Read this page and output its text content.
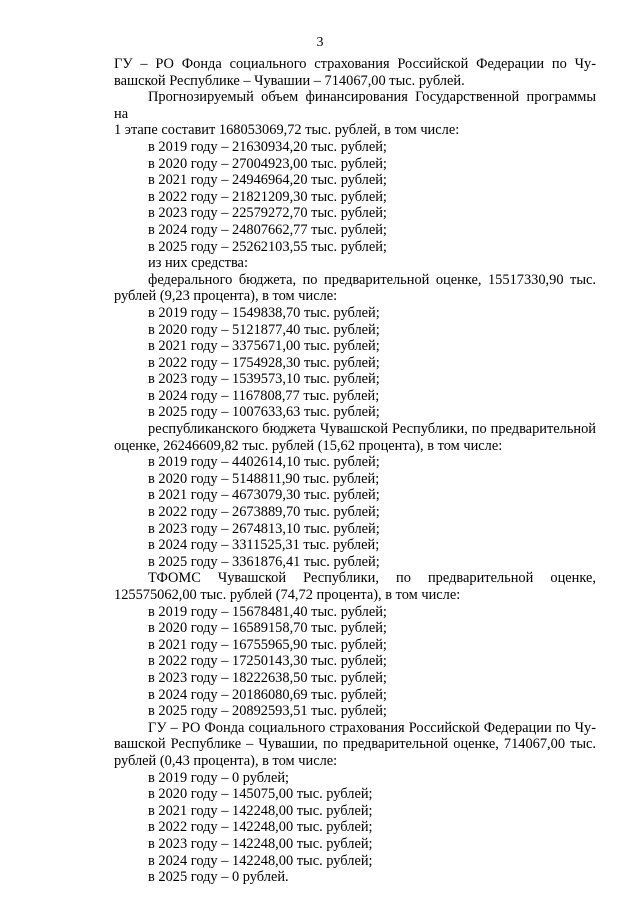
3
ГУ – РО Фонда социального страхования Российской Федерации по Чу-
вашской Республике – Чувашии – 714067,00 тыс. рублей.
Прогнозируемый объем финансирования Государственной программы на
1 этапе составит 168053069,72 тыс. рублей, в том числе:
в 2019 году – 21630934,20 тыс. рублей;
в 2020 году – 27004923,00 тыс. рублей;
в 2021 году – 24946964,20 тыс. рублей;
в 2022 году – 21821209,30 тыс. рублей;
в 2023 году – 22579272,70 тыс. рублей;
в 2024 году – 24807662,77 тыс. рублей;
в 2025 году – 25262103,55 тыс. рублей;
из них средства:
федерального бюджета, по предварительной оценке, 15517330,90 тыс.
рублей (9,23 процента), в том числе:
в 2019 году – 1549838,70 тыс. рублей;
в 2020 году – 5121877,40 тыс. рублей;
в 2021 году – 3375671,00 тыс. рублей;
в 2022 году – 1754928,30 тыс. рублей;
в 2023 году – 1539573,10 тыс. рублей;
в 2024 году – 1167808,77 тыс. рублей;
в 2025 году – 1007633,63 тыс. рублей;
республиканского бюджета Чувашской Республики, по предварительной
оценке, 26246609,82 тыс. рублей (15,62 процента), в том числе:
в 2019 году – 4402614,10 тыс. рублей;
в 2020 году – 5148811,90 тыс. рублей;
в 2021 году – 4673079,30 тыс. рублей;
в 2022 году – 2673889,70 тыс. рублей;
в 2023 году – 2674813,10 тыс. рублей;
в 2024 году – 3311525,31 тыс. рублей;
в 2025 году – 3361876,41 тыс. рублей;
ТФОМС Чувашской Республики, по предварительной оценке,
125575062,00 тыс. рублей (74,72 процента), в том числе:
в 2019 году – 15678481,40 тыс. рублей;
в 2020 году – 16589158,70 тыс. рублей;
в 2021 году – 16755965,90 тыс. рублей;
в 2022 году – 17250143,30 тыс. рублей;
в 2023 году – 18222638,50 тыс. рублей;
в 2024 году – 20186080,69 тыс. рублей;
в 2025 году – 20892593,51 тыс. рублей;
ГУ – РО Фонда социального страхования Российской Федерации по Чу-
вашской Республике – Чувашии, по предварительной оценке, 714067,00 тыс.
рублей (0,43 процента), в том числе:
в 2019 году – 0 рублей;
в 2020 году – 145075,00 тыс. рублей;
в 2021 году – 142248,00 тыс. рублей;
в 2022 году – 142248,00 тыс. рублей;
в 2023 году – 142248,00 тыс. рублей;
в 2024 году – 142248,00 тыс. рублей;
в 2025 году – 0 рублей.
